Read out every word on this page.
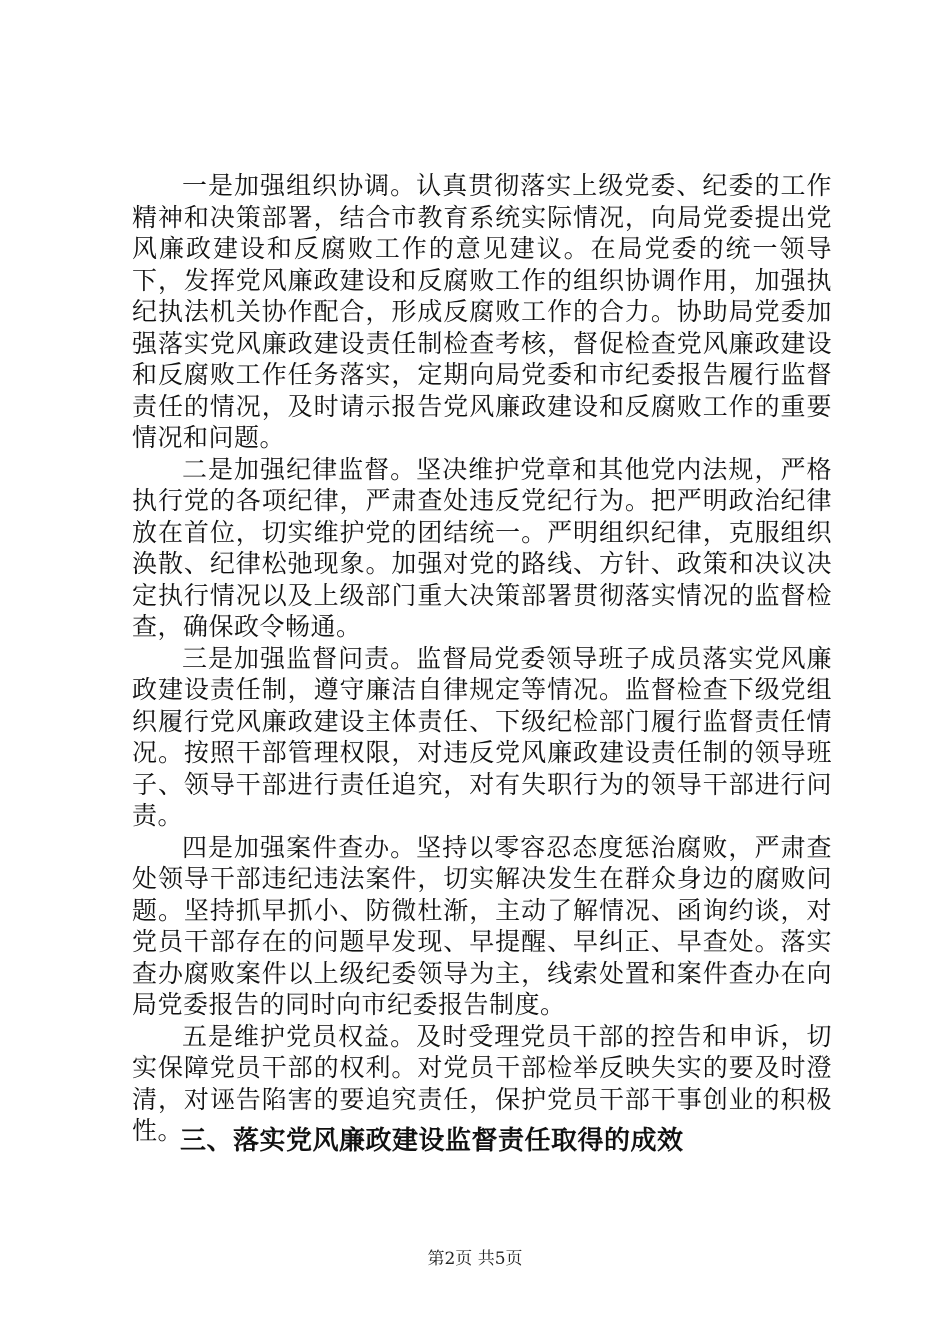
一是加强组织协调。认真贯彻落实上级党委、纪委的工作精神和决策部署，结合市教育系统实际情况，向局党委提出党风廉政建设和反腐败工作的意见建议。在局党委的统一领导下，发挥党风廉政建设和反腐败工作的组织协调作用，加强执纪执法机关协作配合，形成反腐败工作的合力。协助局党委加强落实党风廉政建设责任制检查考核，督促检查党风廉政建设和反腐败工作任务落实，定期向局党委和市纪委报告履行监督责任的情况，及时请示报告党风廉政建设和反腐败工作的重要情况和问题。

二是加强纪律监督。坚决维护党章和其他党内法规，严格执行党的各项纪律，严肃查处违反党纪行为。把严明政治纪律放在首位，切实维护党的团结统一。严明组织纪律，克服组织涣散、纪律松弛现象。加强对党的路线、方针、政策和决议决定执行情况以及上级部门重大决策部署贯彻落实情况的监督检查，确保政令畅通。

三是加强监督问责。监督局党委领导班子成员落实党风廉政建设责任制，遵守廉洁自律规定等情况。监督检查下级党组织履行党风廉政建设主体责任、下级纪检部门履行监督责任情况。按照干部管理权限，对违反党风廉政建设责任制的领导班子、领导干部进行责任追究，对有失职行为的领导干部进行问责。

四是加强案件查办。坚持以零容忍态度惩治腐败，严肃查处领导干部违纪违法案件，切实解决发生在群众身边的腐败问题。坚持抓早抓小、防微杜渐，主动了解情况、函询约谈，对党员干部存在的问题早发现、早提醒、早纠正、早查处。落实查办腐败案件以上级纪委领导为主，线索处置和案件查办在向局党委报告的同时向市纪委报告制度。

五是维护党员权益。及时受理党员干部的控告和申诉，切实保障党员干部的权利。对党员干部检举反映失实的要及时澄清，对诬告陷害的要追究责任，保护党员干部干事创业的积极性。

三、落实党风廉政建设监督责任取得的成效
第2页 共5页
